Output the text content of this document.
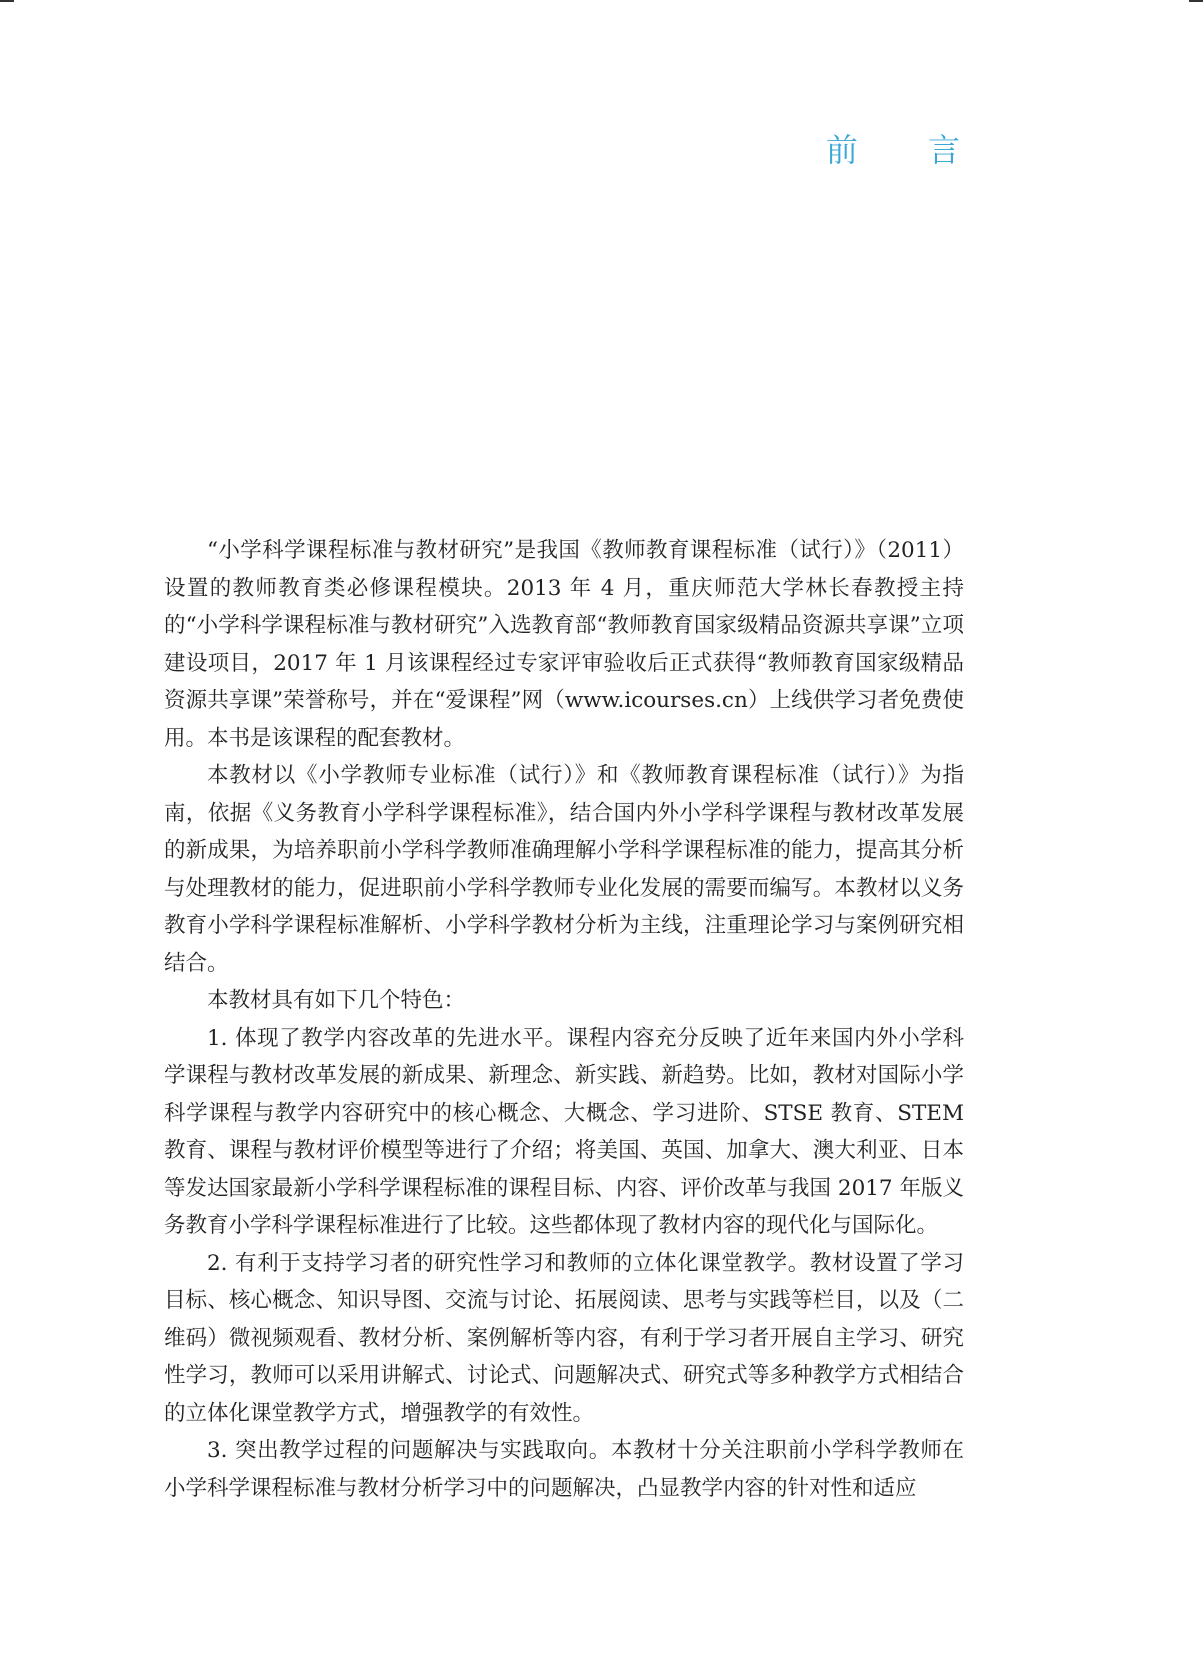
前 言

“小学科学课程标准与教材研究”是我国《教师教育课程标准（试行）》（2011）设置的教师教育类必修课程模块。2013 年 4 月，重庆师范大学林长春教授主持的“小学科学课程标准与教材研究”入选教育部“教师教育国家级精品资源共享课”立项建设项目，2017 年 1 月该课程经过专家评审验收后正式获得“教师教育国家级精品资源共享课”荣誉称号，并在“爱课程”网（www.icourses.cn）上线供学习者免费使用。本书是该课程的配套教材。

本教材以《小学教师专业标准（试行）》和《教师教育课程标准（试行）》为指南，依据《义务教育小学科学课程标准》，结合国内外小学科学课程与教材改革发展的新成果，为培养职前小学科学教师准确理解小学科学课程标准的能力，提高其分析与处理教材的能力，促进职前小学科学教师专业化发展的需要而编写。本教材以义务教育小学科学课程标准解析、小学科学教材分析为主线，注重理论学习与案例研究相结合。

本教材具有如下几个特色：

1. 体现了教学内容改革的先进水平。课程内容充分反映了近年来国内外小学科学课程与教材改革发展的新成果、新理念、新实践、新趋势。比如，教材对国际小学科学课程与教学内容研究中的核心概念、大概念、学习进阶、STSE 教育、STEM 教育、课程与教材评价模型等进行了介绍；将美国、英国、加拿大、澳大利亚、日本等发达国家最新小学科学课程标准的课程目标、内容、评价改革与我国 2017 年版义务教育小学科学课程标准进行了比较。这些都体现了教材内容的现代化与国际化。

2. 有利于支持学习者的研究性学习和教师的立体化课堂教学。教材设置了学习目标、核心概念、知识导图、交流与讨论、拓展阅读、思考与实践等栏目，以及（二维码）微视频观看、教材分析、案例解析等内容，有利于学习者开展自主学习、研究性学习，教师可以采用讲解式、讨论式、问题解决式、研究式等多种教学方式相结合的立体化课堂教学方式，增强教学的有效性。

3. 突出教学过程的问题解决与实践取向。本教材十分关注职前小学科学教师在小学科学课程标准与教材分析学习中的问题解决，凸显教学内容的针对性和适应
